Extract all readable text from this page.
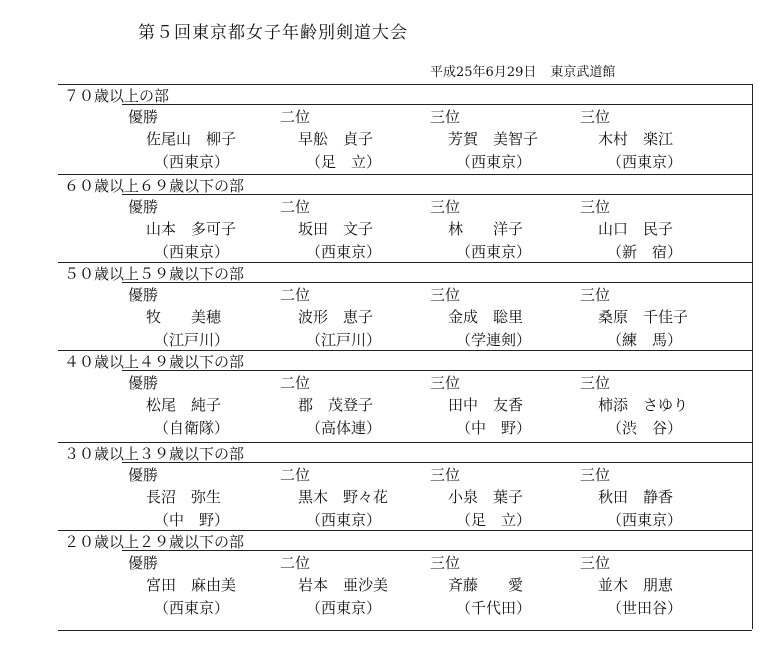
第５回東京都女子年齢別剣道大会
平成25年6月29日 東京武道館
７０歳以上の部
優勝
佐尾山　柳子
（西東京）
二位
早舩　貞子
（足　立）
三位
芳賀　美智子
（西東京）
三位
木村　楽江
（西東京）
６０歳以上６９歳以下の部
優勝
山本　多可子
（西東京）
二位
坂田　文子
（西東京）
三位
林　　洋子
（西東京）
三位
山口　民子
（新　宿）
５０歳以上５９歳以下の部
優勝
牧　　美穂
（江戸川）
二位
波形　恵子
（江戸川）
三位
金成　聡里
（学連剣）
三位
桑原　千佳子
（練　馬）
４０歳以上４９歳以下の部
優勝
松尾　純子
（自衛隊）
二位
郡　茂登子
（高体連）
三位
田中　友香
（中　野）
三位
柿添　さゆり
（渋　谷）
３０歳以上３９歳以下の部
優勝
長沼　弥生
（中　野）
二位
黒木　野々花
（西東京）
三位
小泉　葉子
（足　立）
三位
秋田　静香
（西東京）
２０歳以上２９歳以下の部
優勝
宮田　麻由美
（西東京）
二位
岩本　亜沙美
（西東京）
三位
斉藤　　愛
（千代田）
三位
並木　朋恵
（世田谷）
